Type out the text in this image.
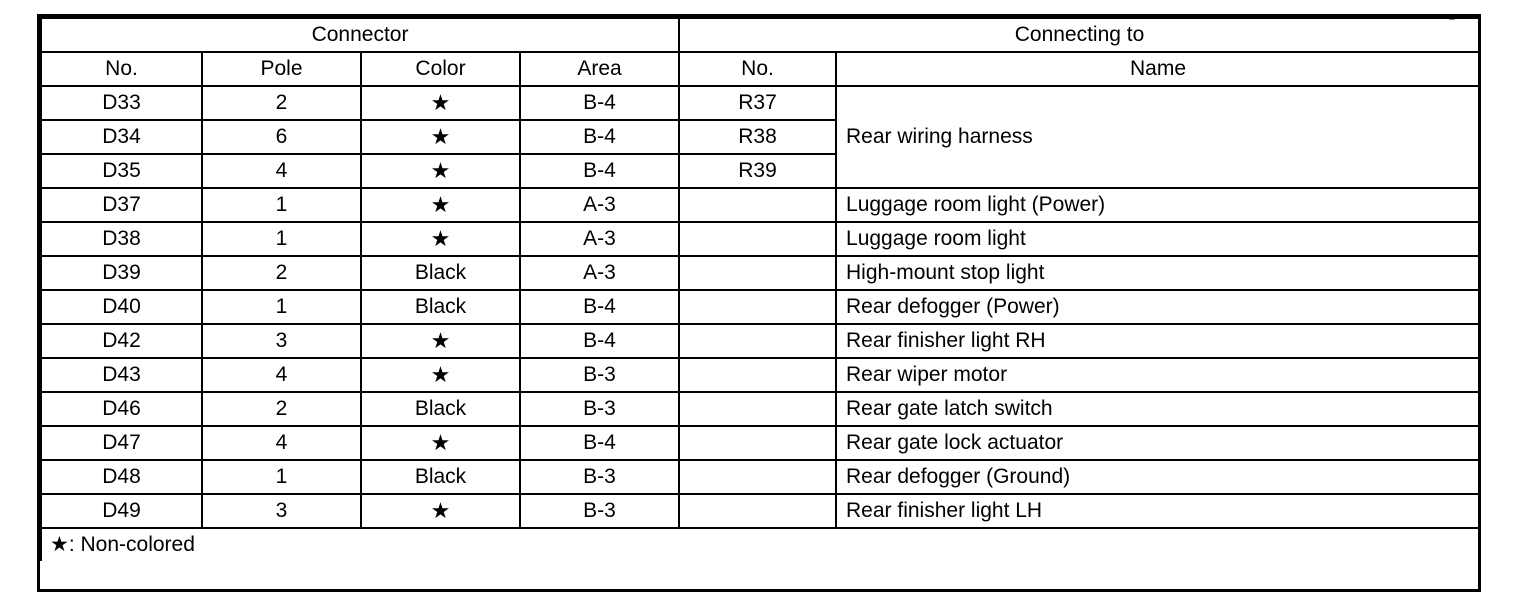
Connector				Connecting to	
No.	Pole	Color	Area	No.	Name
D33	2	★	B-4	R37	Rear wiring harness
D34	6	★	B-4	R38	
D35	4	★	B-4	R39	
D37	1	★	A-3		Luggage room light (Power)
D38	1	★	A-3		Luggage room light
D39	2	Black	A-3		High-mount stop light
D40	1	Black	B-4		Rear defogger (Power)
D42	3	★	B-4		Rear finisher light RH
D43	4	★	B-3		Rear wiper motor
D46	2	Black	B-3		Rear gate latch switch
D47	4	★	B-4		Rear gate lock actuator
D48	1	Black	B-3		Rear defogger (Ground)
D49	3	★	B-3		Rear finisher light LH
★: Non-colored					
